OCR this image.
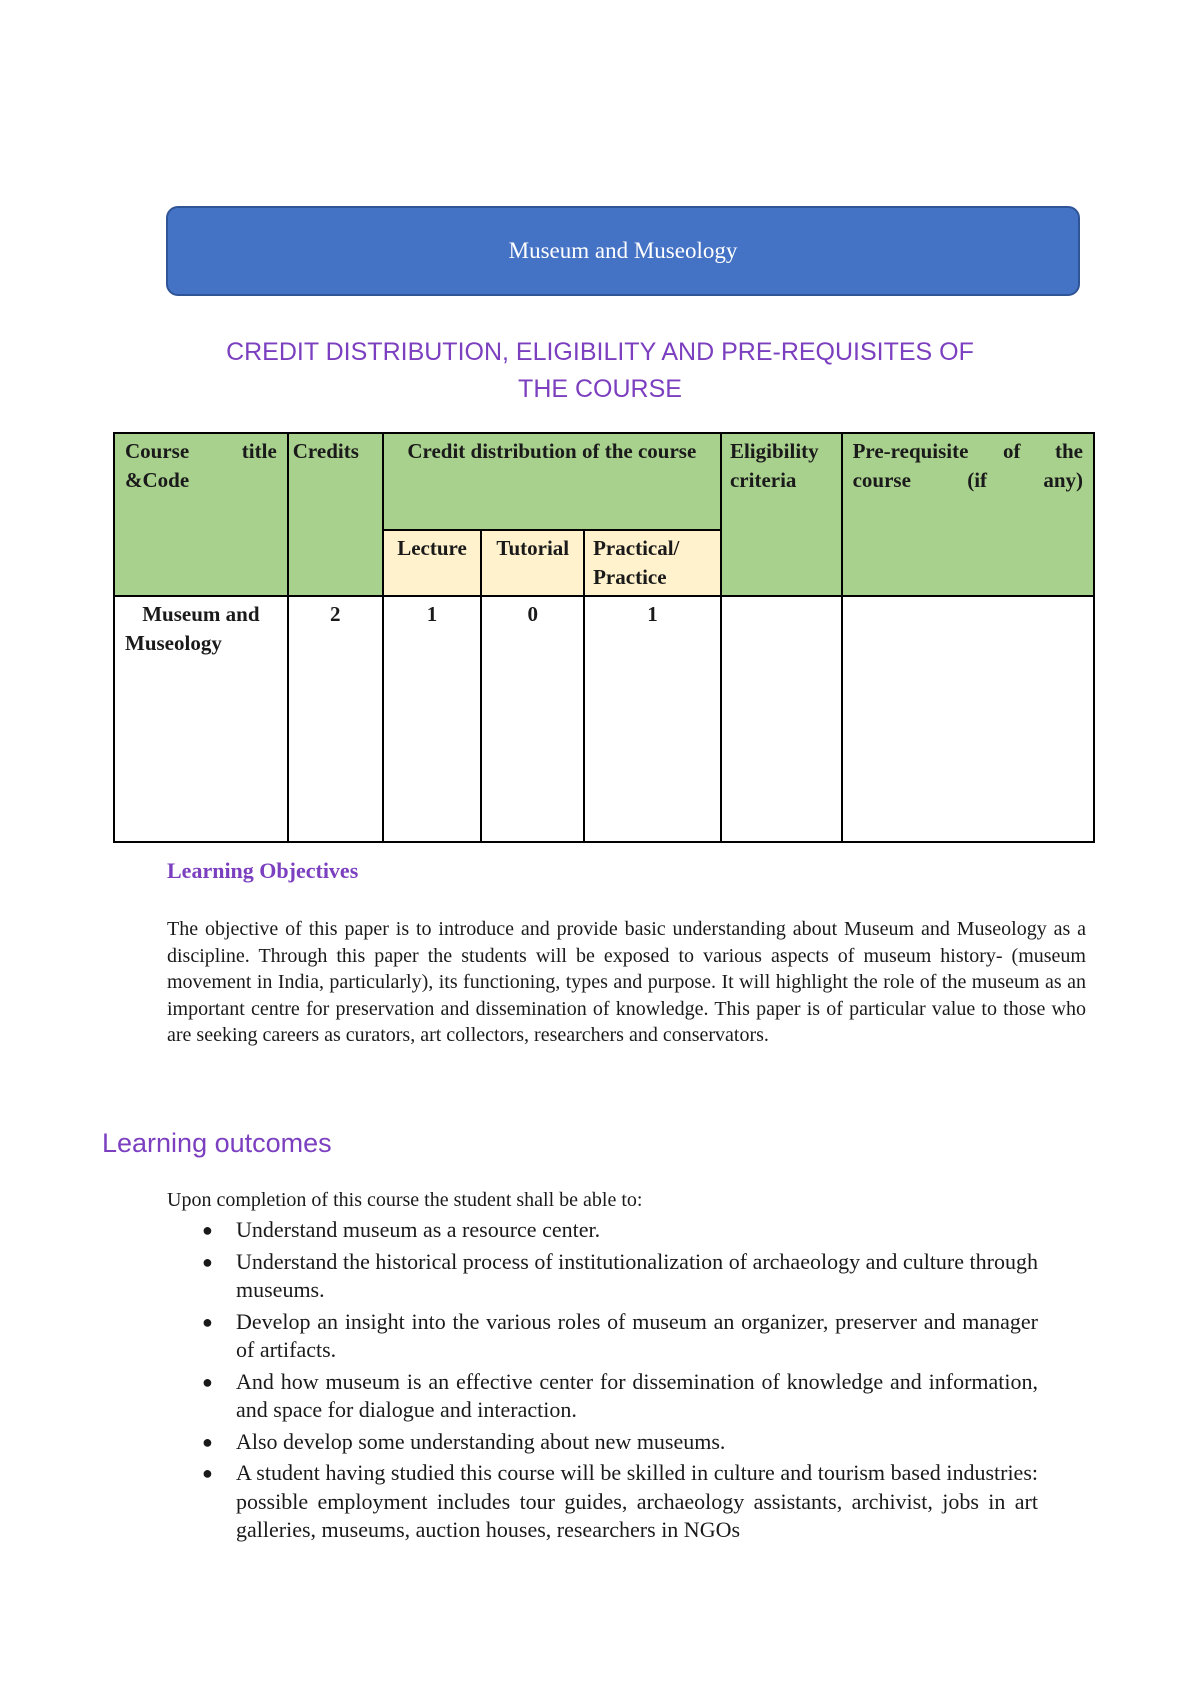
Museum and Museology
CREDIT DISTRIBUTION, ELIGIBILITY AND PRE-REQUISITES OF
THE COURSE
Course title &Code	Credits	Credit distribution of the course			Eligibility criteria	Pre-requisite of the course (if any)
		Lecture	Tutorial	Practical/ Practice		
Museum and Museology	2	1	0	1		
Learning Objectives
The objective of this paper is to introduce and provide basic understanding about Museum and Museology as a discipline. Through this paper the students will be exposed to various aspects of museum history- (museum movement in India, particularly), its functioning, types and purpose. It will highlight the role of the museum as an important centre for preservation and dissemination of knowledge. This paper is of particular value to those who are seeking careers as curators, art collectors, researchers and conservators.
Learning outcomes
Upon completion of this course the student shall be able to:
● Understand museum as a resource center.
● Understand the historical process of institutionalization of archaeology and culture through museums.
● Develop an insight into the various roles of museum an organizer, preserver and manager of artifacts.
● And how museum is an effective center for dissemination of knowledge and information, and space for dialogue and interaction.
● Also develop some understanding about new museums.
● A student having studied this course will be skilled in culture and tourism based industries: possible employment includes tour guides, archaeology assistants, archivist, jobs in art galleries, museums, auction houses, researchers in NGOs
